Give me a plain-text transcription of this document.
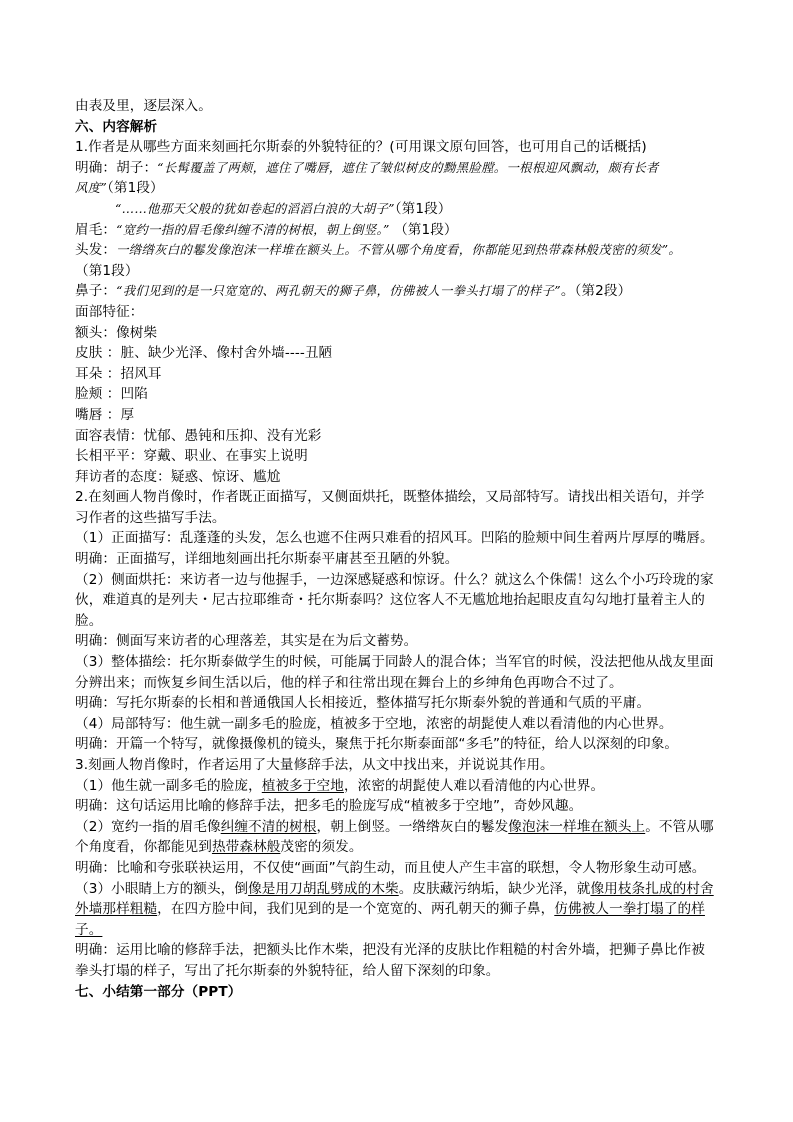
由表及里，逐层深入。
六、内容解析
1.作者是从哪些方面来刻画托尔斯泰的外貌特征的？(可用课文原句回答，也可用自己的话概括)
明确：胡子：“长髯覆盖了两颊，遮住了嘴唇，遮住了皱似树皮的黝黑脸膛。一根根迎风飘动，颇有长者
风度”（第1段）
“……他那天父般的犹如卷起的滔滔白浪的大胡子”（第1段）
眉毛：“宽约一指的眉毛像纠缠不清的树根，朝上倒竖。” （第1段）
头发：一绺绺灰白的鬈发像泡沫一样堆在额头上。不管从哪个角度看，你都能见到热带森林般茂密的须发”。
（第1段）
鼻子：“我们见到的是一只宽宽的、两孔朝天的狮子鼻，仿佛被人一拳头打塌了的样子”。（第2段）
面部特征：
额头：像树柴
皮肤 ：脏、缺少光泽、像村舍外墙----丑陋
耳朵 ：招风耳
脸颊 ：凹陷
嘴唇 ：厚
面容表情：忧郁、愚钝和压抑、没有光彩
长相平平：穿戴、职业、在事实上说明
拜访者的态度：疑惑、惊讶、尴尬
2.在刻画人物肖像时，作者既正面描写，又侧面烘托，既整体描绘，又局部特写。请找出相关语句，并学
习作者的这些描写手法。
（1）正面描写：乱蓬蓬的头发，怎么也遮不住两只难看的招风耳。凹陷的脸颊中间生着两片厚厚的嘴唇。
明确：正面描写，详细地刻画出托尔斯泰平庸甚至丑陋的外貌。
（2）侧面烘托：来访者一边与他握手，一边深感疑惑和惊讶。什么？就这么个侏儒！这么个小巧玲珑的家
伙，难道真的是列夫・尼古拉耶维奇・托尔斯泰吗？这位客人不无尴尬地抬起眼皮直勾勾地打量着主人的
脸。
明确：侧面写来访者的心理落差，其实是在为后文蓄势。
（3）整体描绘：托尔斯泰做学生的时候，可能属于同龄人的混合体；当军官的时候，没法把他从战友里面
分辨出来；而恢复乡间生活以后，他的样子和往常出现在舞台上的乡绅角色再吻合不过了。
明确：写托尔斯泰的长相和普通俄国人长相接近，整体描写托尔斯泰外貌的普通和气质的平庸。
（4）局部特写：他生就一副多毛的脸庞，植被多于空地，浓密的胡髭使人难以看清他的内心世界。
明确：开篇一个特写，就像摄像机的镜头，聚焦于托尔斯泰面部“多毛”的特征，给人以深刻的印象。
3.刻画人物肖像时，作者运用了大量修辞手法，从文中找出来，并说说其作用。
（1）他生就一副多毛的脸庞，植被多于空地，浓密的胡髭使人难以看清他的内心世界。
明确：这句话运用比喻的修辞手法，把多毛的脸庞写成“植被多于空地”，奇妙风趣。
（2）宽约一指的眉毛像纠缠不清的树根，朝上倒竖。一绺绺灰白的鬈发像泡沫一样堆在额头上。不管从哪
个角度看，你都能见到热带森林般茂密的须发。
明确：比喻和夸张联袂运用，不仅使“画面”气韵生动，而且使人产生丰富的联想，令人物形象生动可感。
（3）小眼睛上方的额头，倒像是用刀胡乱劈成的木柴。皮肤藏污纳垢，缺少光泽，就像用枝条扎成的村舍
外墙那样粗糙，在四方脸中间，我们见到的是一个宽宽的、两孔朝天的狮子鼻，仿佛被人一拳打塌了的样
子。
明确：运用比喻的修辞手法，把额头比作木柴，把没有光泽的皮肤比作粗糙的村舍外墙，把狮子鼻比作被
拳头打塌的样子，写出了托尔斯泰的外貌特征，给人留下深刻的印象。
七、小结第一部分（PPT）
